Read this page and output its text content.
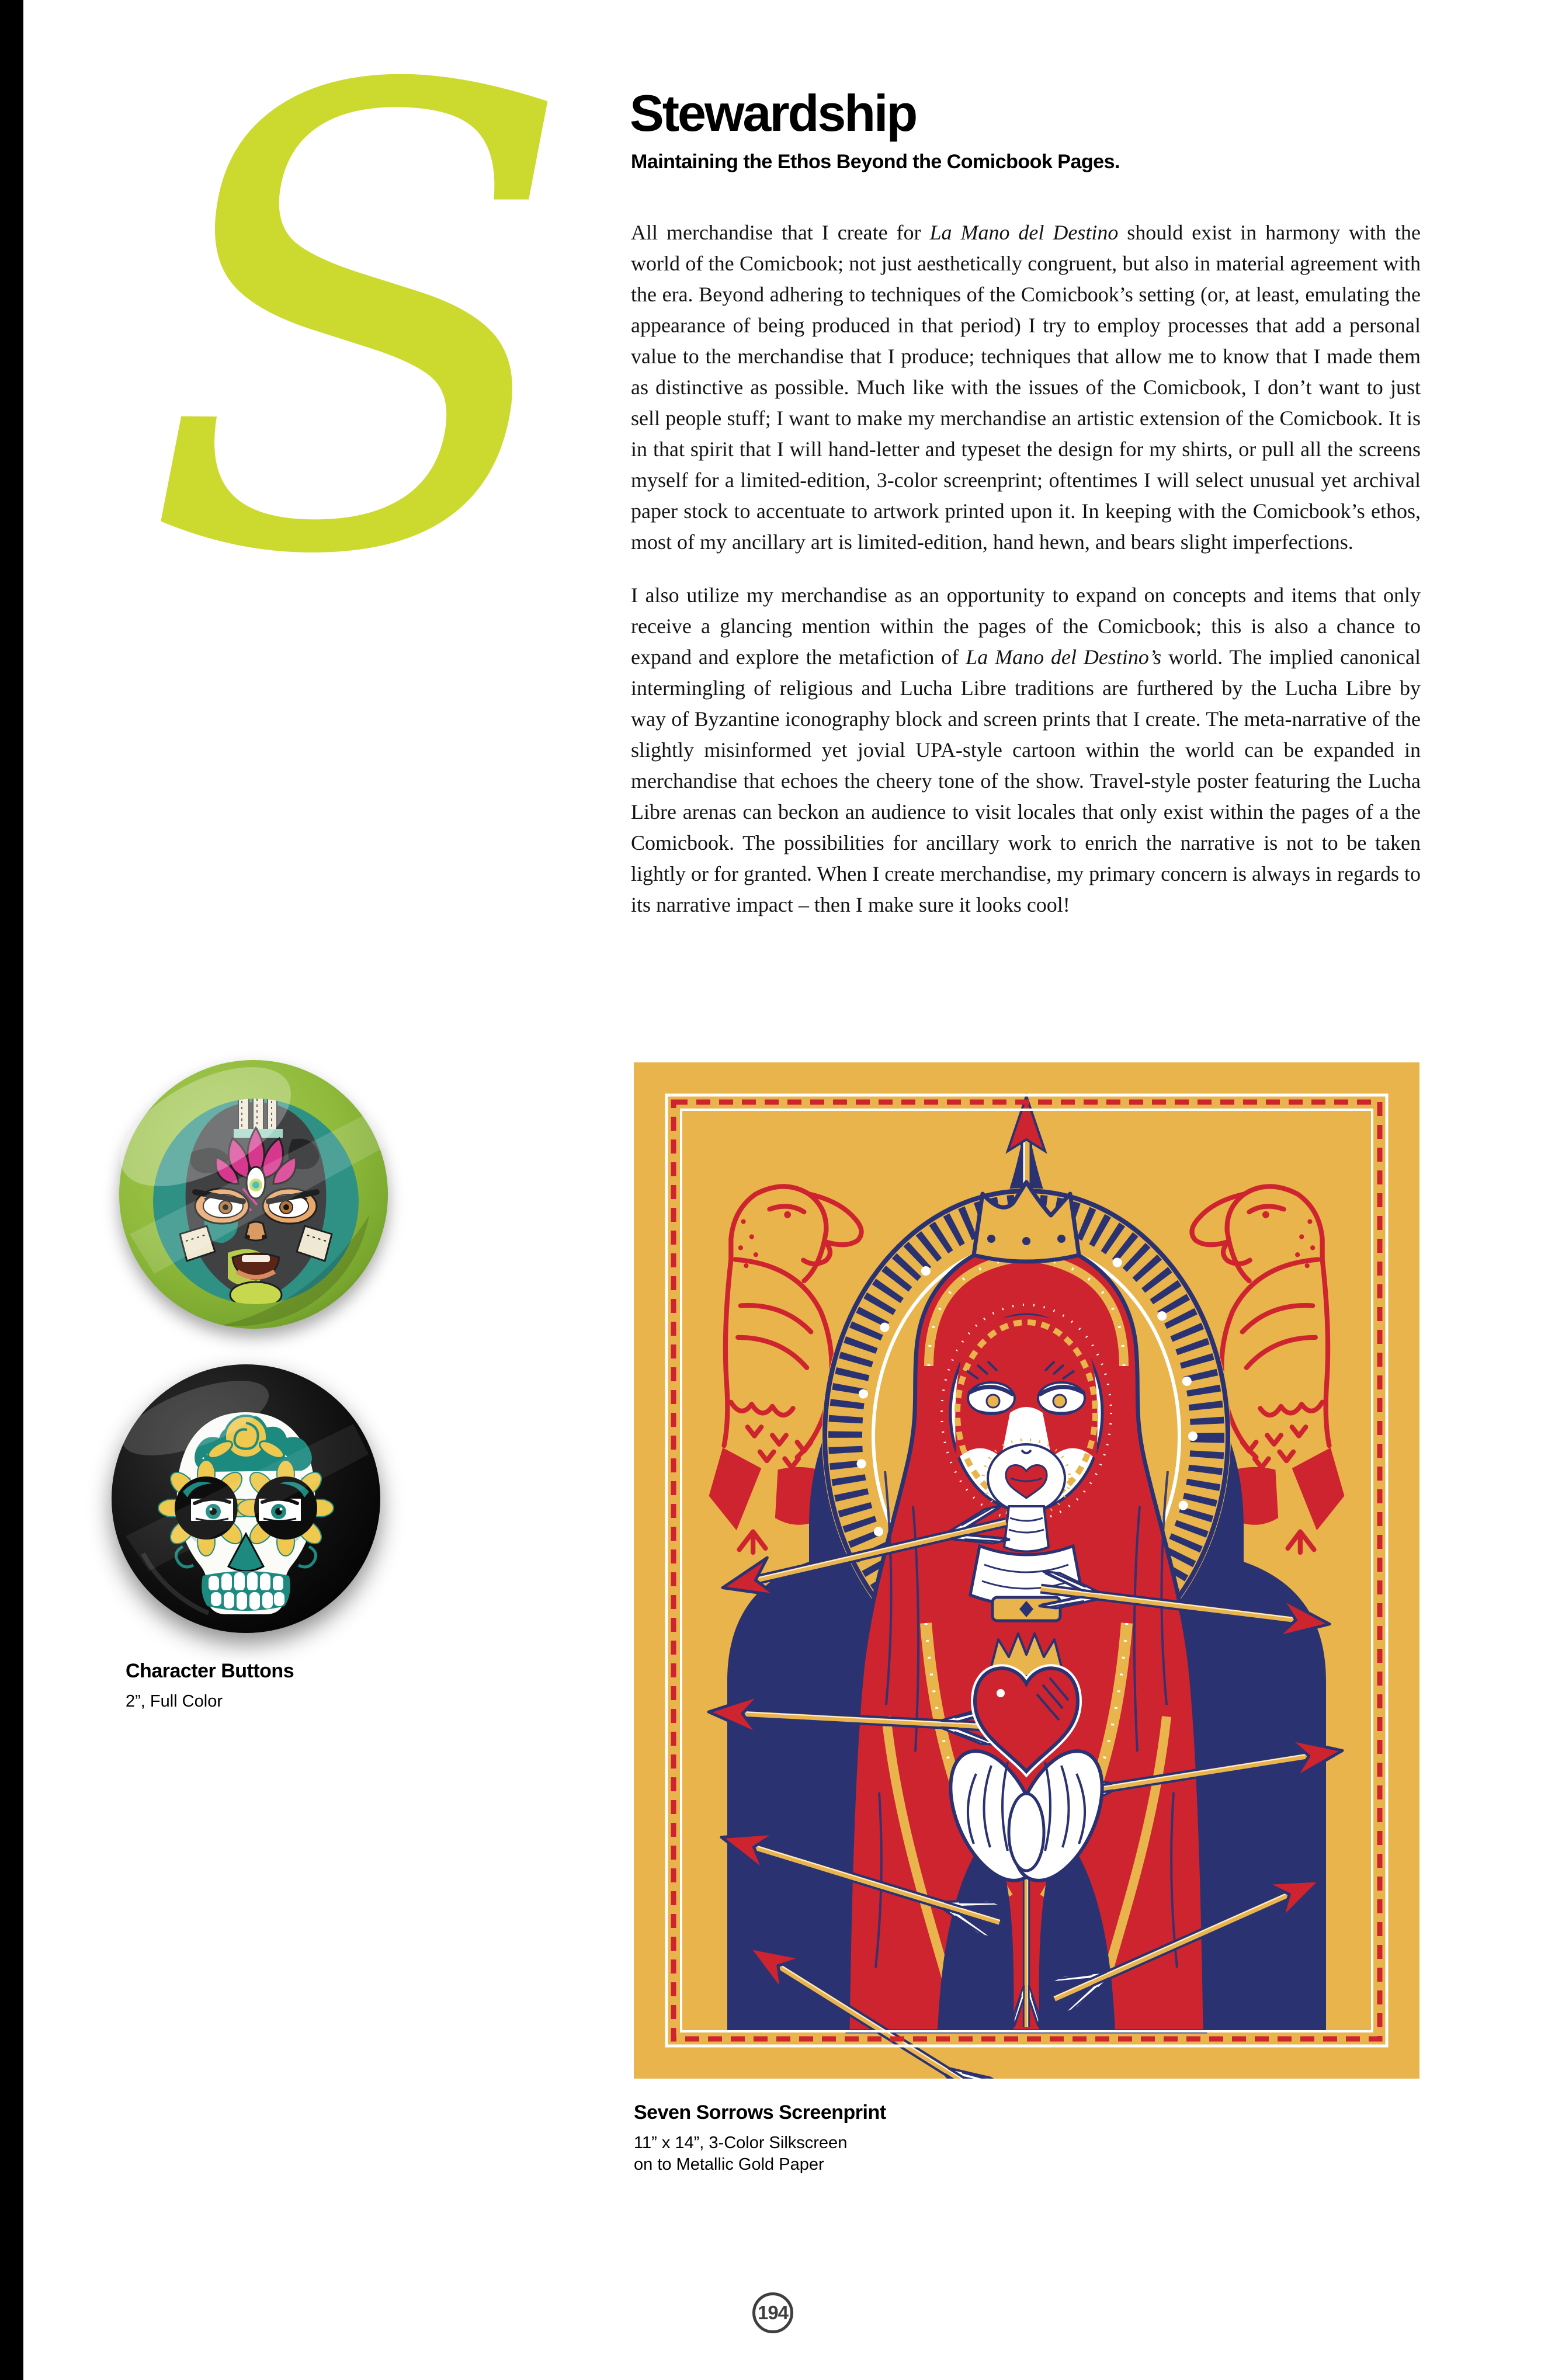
S Stewardship
Maintaining the Ethos Beyond the Comicbook Pages.

All merchandise that I create for La Mano del Destino should exist in harmony with the world of the Comicbook; not just aesthetically congruent, but also in material agreement with the era. Beyond adhering to techniques of the Comicbook’s setting (or, at least, emulating the appearance of being produced in that period) I try to employ processes that add a personal value to the merchandise that I produce; techniques that allow me to know that I made them as distinctive as possible. Much like with the issues of the Comicbook, I don’t want to just sell people stuff; I want to make my merchandise an artistic extension of the Comicbook. It is in that spirit that I will hand-letter and typeset the design for my shirts, or pull all the screens myself for a limited-edition, 3-color screenprint; oftentimes I will select unusual yet archival paper stock to accentuate to artwork printed upon it. In keeping with the Comicbook’s ethos, most of my ancillary art is limited-edition, hand hewn, and bears slight imperfections.

I also utilize my merchandise as an opportunity to expand on concepts and items that only receive a glancing mention within the pages of the Comicbook; this is also a chance to expand and explore the metafiction of La Mano del Destino’s world. The implied canonical intermingling of religious and Lucha Libre traditions are furthered by the Lucha Libre by way of Byzantine iconography block and screen prints that I create. The meta-narrative of the slightly misinformed yet jovial UPA-style cartoon within the world can be expanded in merchandise that echoes the cheery tone of the show. Travel-style poster featuring the Lucha Libre arenas can beckon an audience to visit locales that only exist within the pages of a the Comicbook. The possibilities for ancillary work to enrich the narrative is not to be taken lightly or for granted. When I create merchandise, my primary concern is always in regards to its narrative impact – then I make sure it looks cool!

Character Buttons
2”, Full Color
Seven Sorrows Screenprint
11” x 14”, 3-Color Silkscreen
on to Metallic Gold Paper
194
